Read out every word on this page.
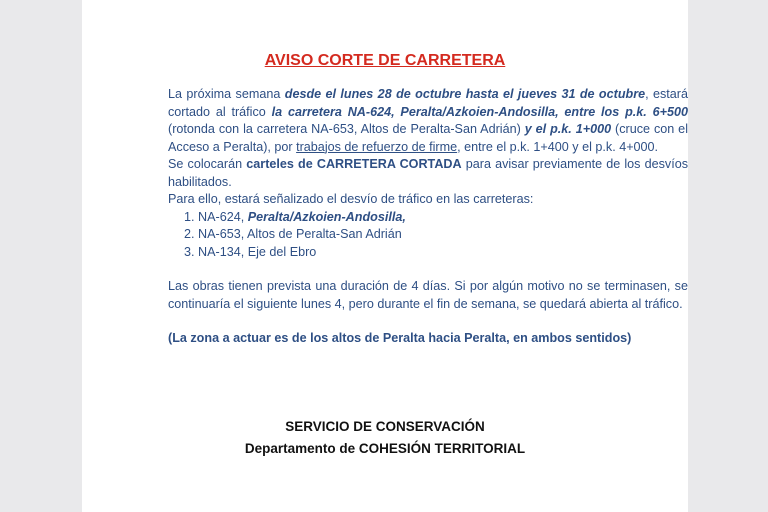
AVISO CORTE DE CARRETERA

La próxima semana desde el lunes 28 de octubre hasta el jueves 31 de octubre, estará cortado al tráfico la carretera NA-624, Peralta/Azkoien-Andosilla, entre los p.k. 6+500 (rotonda con la carretera NA-653, Altos de Peralta-San Adrián) y el p.k. 1+000 (cruce con el Acceso a Peralta), por trabajos de refuerzo de firme, entre el p.k. 1+400 y el p.k. 4+000.

Se colocarán carteles de CARRETERA CORTADA para avisar previamente de los desvíos habilitados.

Para ello, estará señalizado el desvío de tráfico en las carreteras:

1. NA-624, Peralta/Azkoien-Andosilla,
2. NA-653, Altos de Peralta-San Adrián
3. NA-134, Eje del Ebro

Las obras tienen prevista una duración de 4 días. Si por algún motivo no se terminasen, se continuaría el siguiente lunes 4, pero durante el fin de semana, se quedará abierta al tráfico.

(La zona a actuar es de los altos de Peralta hacia Peralta, en ambos sentidos)

SERVICIO DE CONSERVACIÓN
Departamento de COHESIÓN TERRITORIAL
